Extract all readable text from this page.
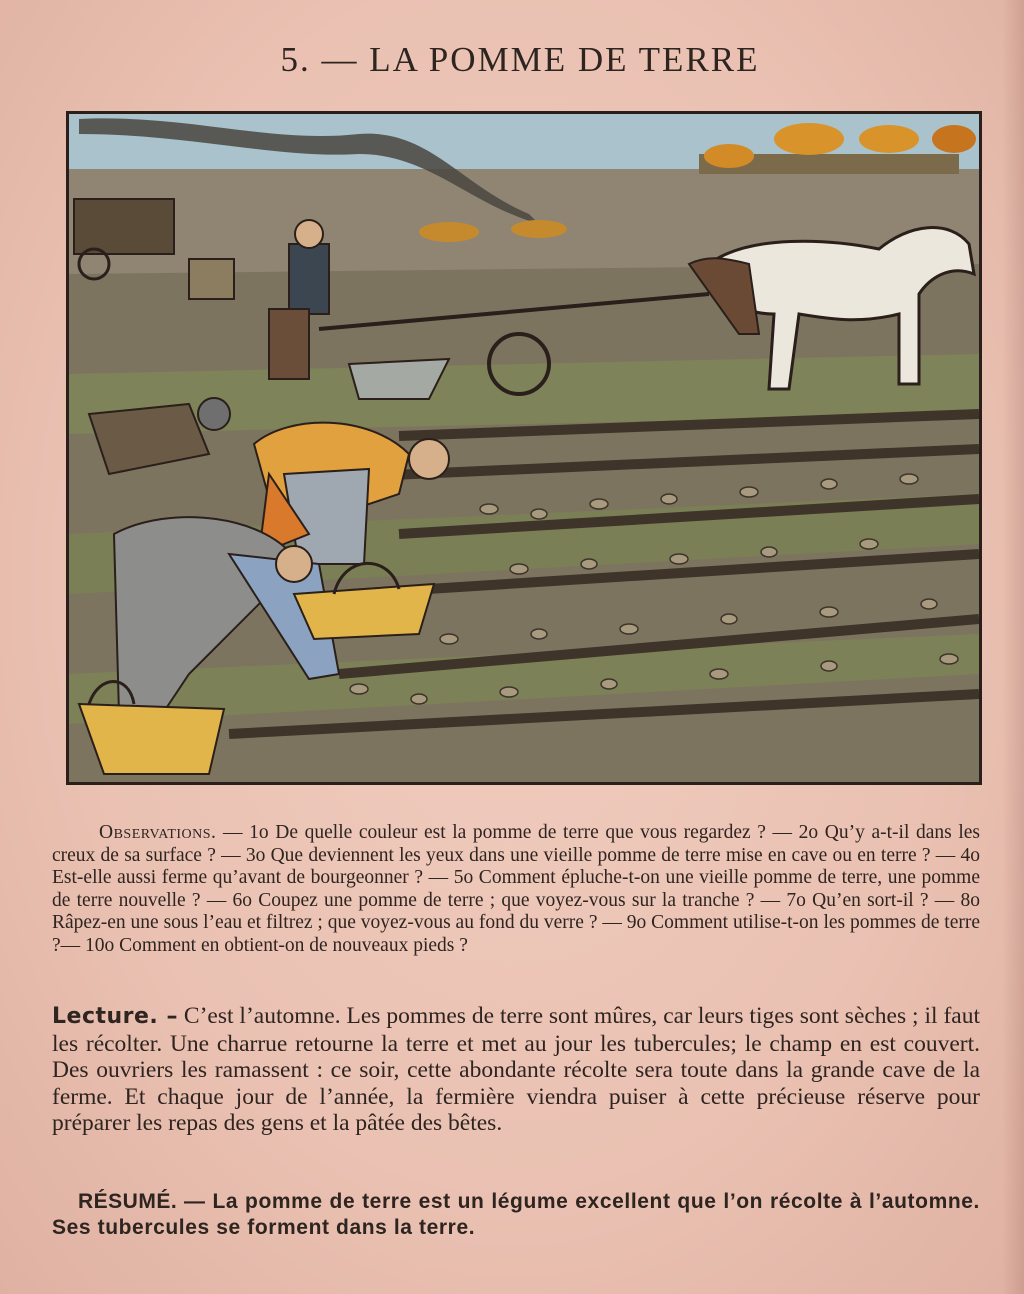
5. — LA POMME DE TERRE
Observations. — 1o De quelle couleur est la pomme de terre que vous regardez ? — 2o Qu’y a-t-il dans les creux de sa surface ? — 3o Que deviennent les yeux dans une vieille pomme de terre mise en cave ou en terre ? — 4o Est-elle aussi ferme qu’avant de bourgeonner ? — 5o Comment épluche-t-on une vieille pomme de terre, une pomme de terre nouvelle ? — 6o Coupez une pomme de terre ; que voyez-vous sur la tranche ? — 7o Qu’en sort-il ? — 8o Râpez-en une sous l’eau et filtrez ; que voyez-vous au fond du verre ? — 9o Comment utilise-t-on les pommes de terre ?— 10o Comment en obtient-on de nouveaux pieds ?
Lecture. – C’est l’automne. Les pommes de terre sont mûres, car leurs tiges sont sèches ; il faut les récolter. Une charrue retourne la terre et met au jour les tubercules; le champ en est couvert. Des ouvriers les ramassent : ce soir, cette abondante récolte sera toute dans la grande cave de la ferme. Et chaque jour de l’année, la fermière viendra puiser à cette précieuse réserve pour préparer les repas des gens et la pâtée des bêtes.
RÉSUMÉ. — La pomme de terre est un légume excellent que l’on récolte à l’automne. Ses tubercules se forment dans la terre.
